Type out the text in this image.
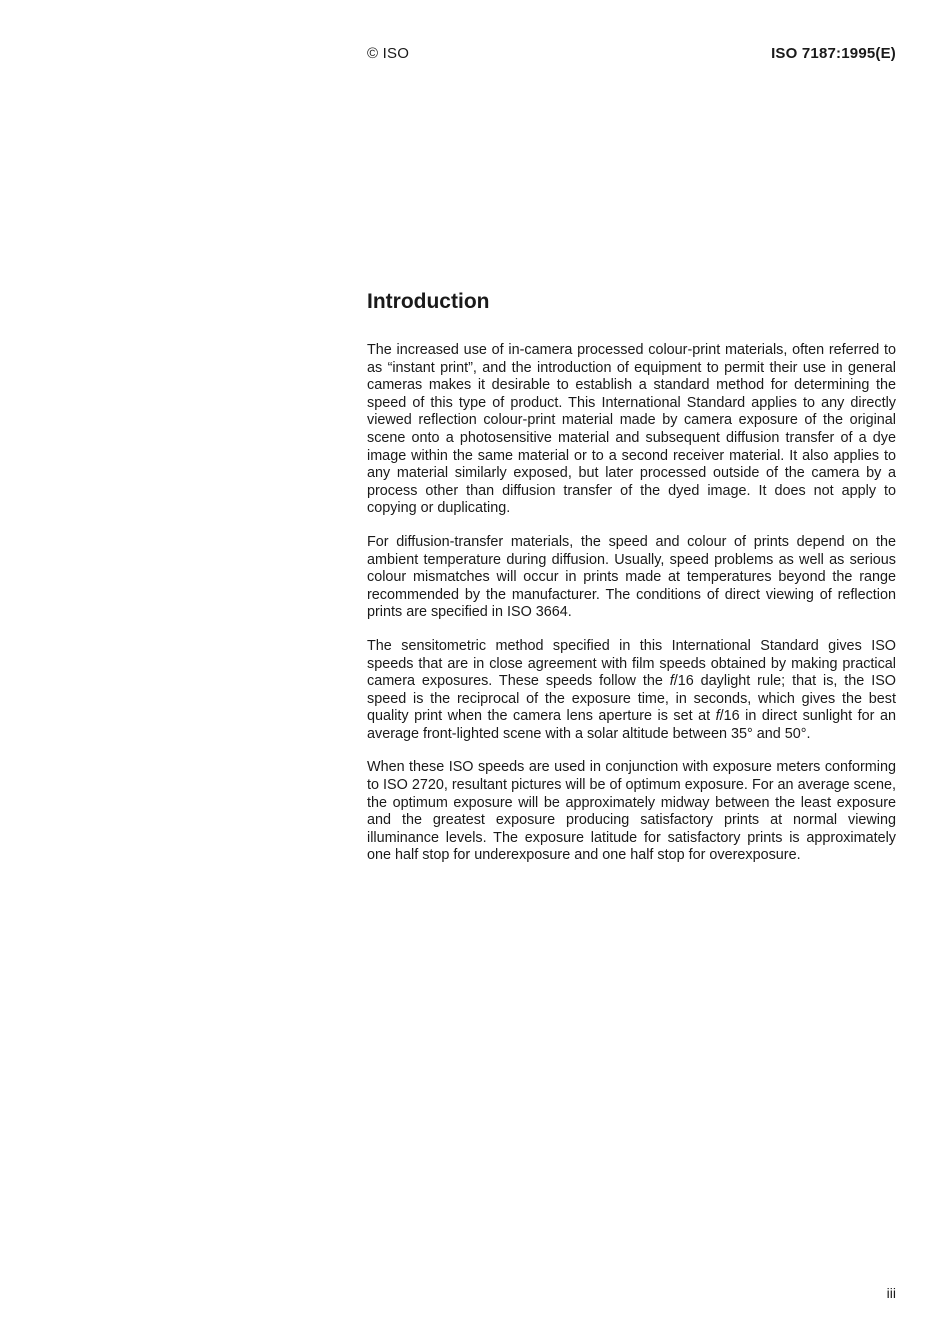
© ISO	ISO 7187:1995(E)
Introduction

The increased use of in-camera processed colour-print materials, often referred to as “instant print”, and the introduction of equipment to permit their use in general cameras makes it desirable to establish a standard method for determining the speed of this type of product. This International Standard applies to any directly viewed reflection colour-print material made by camera exposure of the original scene onto a photosensitive material and subsequent diffusion transfer of a dye image within the same material or to a second receiver material. It also applies to any material similarly exposed, but later processed outside of the camera by a process other than diffusion transfer of the dyed image. It does not apply to copying or duplicating.

For diffusion-transfer materials, the speed and colour of prints depend on the ambient temperature during diffusion. Usually, speed problems as well as serious colour mismatches will occur in prints made at temperatures beyond the range recommended by the manufacturer. The conditions of direct viewing of reflection prints are specified in ISO 3664.

The sensitometric method specified in this International Standard gives ISO speeds that are in close agreement with film speeds obtained by making practical camera exposures. These speeds follow the f/16 daylight rule; that is, the ISO speed is the reciprocal of the exposure time, in seconds, which gives the best quality print when the camera lens aperture is set at f/16 in direct sunlight for an average front-lighted scene with a solar altitude between 35° and 50°.

When these ISO speeds are used in conjunction with exposure meters conforming to ISO 2720, resultant pictures will be of optimum exposure. For an average scene, the optimum exposure will be approximately midway between the least exposure and the greatest exposure producing satisfactory prints at normal viewing illuminance levels. The exposure latitude for satisfactory prints is approximately one half stop for underexposure and one half stop for overexposure.

iii
